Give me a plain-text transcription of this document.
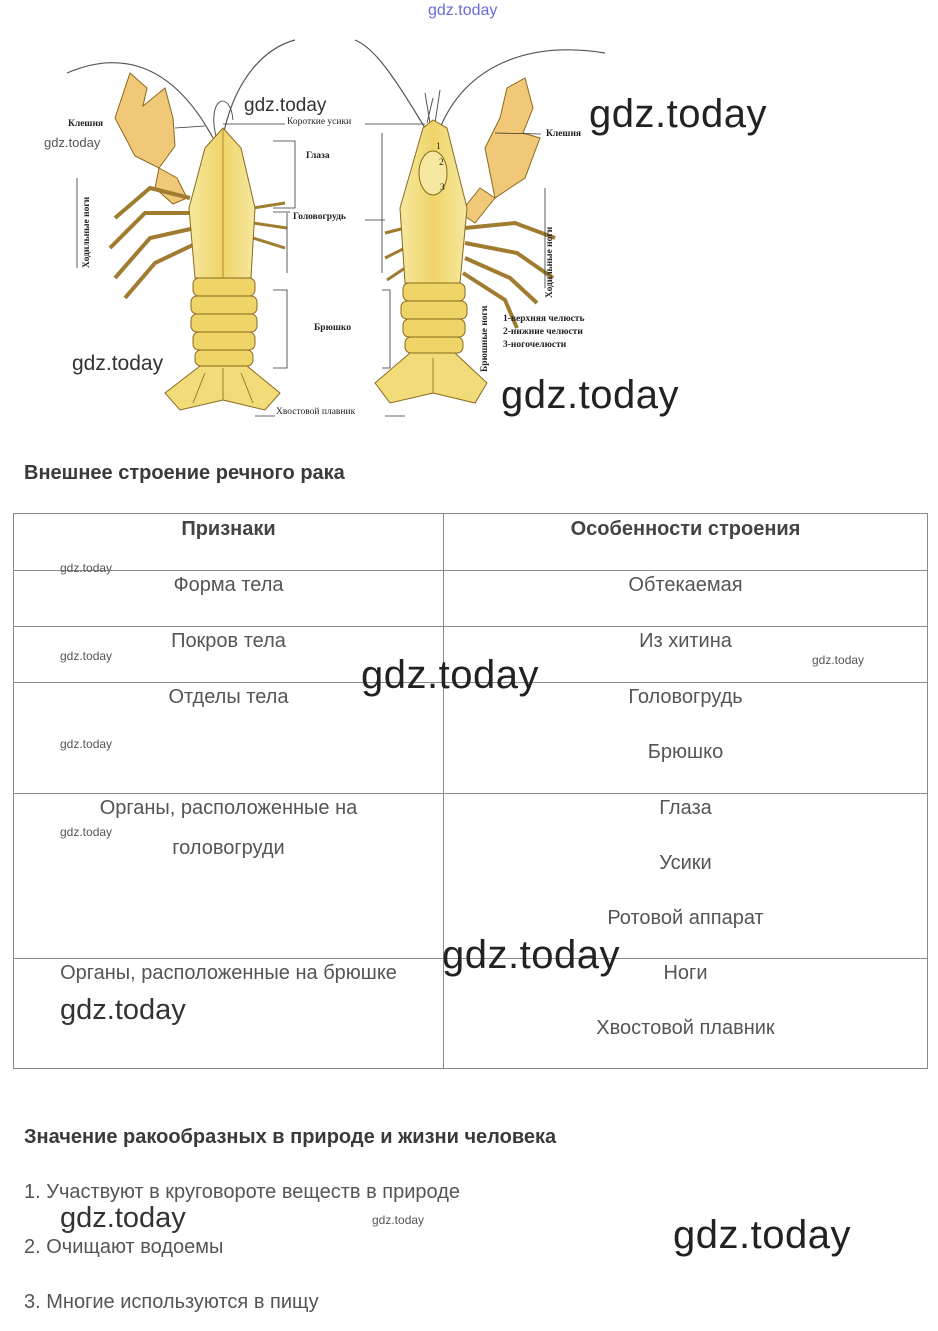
gdz.today
Клешня
Ходильные ноги
Короткие усики
Глаза
Головогрудь
Брюшко
Хвостовой плавник
Клешня
Ходильные ноги
Брюшные ноги 1-верхняя челюсть
2-нижние челюсти
3-ногочелюсти
1
2
3
gdz.today
gdz.today
gdz.today
gdz.today
gdz.today
Внешнее строение речного рака
Признаки	Особенности строения

Форма тела	Обтекаемая

Покров тела	Из хитина

Отделы тела	Головогрудь

Брюшко

Органы, расположенные на головогруди	Глаза

Усики

Ротовой аппарат

Органы, расположенные на брюшке	Ноги

Хвостовой плавник

gdz.today
gdz.today	gdz.today
gdz.today
gdz.today
gdz.today
gdz.today
gdz.today
Значение ракообразных в природе и жизни человека
1. Участвуют в круговороте веществ в природе
2. Очищают водоемы
3. Многие используются в пищу
gdz.today	gdz.today	gdz.today
